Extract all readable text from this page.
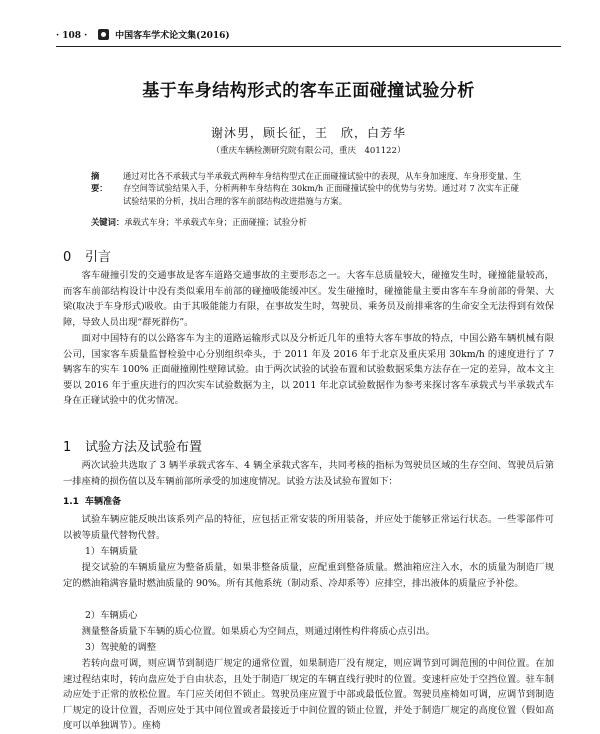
· 108 ·	中国客车学术论文集(2016)
基于车身结构形式的客车正面碰撞试验分析
谢沐男，顾长征，王　欣，白芳华
（重庆车辆检测研究院有限公司，重庆　401122）
摘　要：
通过对比各不承载式与半承载式两种车身结构型式在正面碰撞试验中的表现，从车身加速度、车身形变量、生存空间等试验结果入手，分析两种车身结构在 30km/h 正面碰撞试验中的优势与劣势。通过对 7 次实车正碰试验结果的分析，找出合理的客车前部结构改进措施与方案。
关键词：承载式车身；半承载式车身；正面碰撞；试验分析
0 引言
客车碰撞引发的交通事故是客车道路交通事故的主要形态之一。大客车总质量较大，碰撞发生时，碰撞能量较高，而客车前部结构设计中没有类似乘用车前部的碰撞吸能缓冲区。发生碰撞时，碰撞能量主要由客车车身前部的骨架、大梁(取决于车身形式)吸收。由于其吸能能力有限，在事故发生时，驾驶员、乘务员及前排乘客的生命安全无法得到有效保障，导致人员出现“群死群伤”。
面对中国特有的以公路客车为主的道路运输形式以及分析近几年的重特大客车事故的特点，中国公路车辆机械有限公司，国家客车质量监督检验中心分别组织牵头，于 2011 年及 2016 年于北京及重庆采用 30km/h 的速度进行了 7 辆客车的实车 100% 正面碰撞刚性壁障试验。由于两次试验的试验布置和试验数据采集方法存在一定的差异，故本文主要以 2016 年于重庆进行的四次实车试验数据为主，以 2011 年北京试验数据作为参考来探讨客车承载式与半承载式车身在正碰试验中的优劣情况。
1 试验方法及试验布置
两次试验共选取了 3 辆半承载式客车、4 辆全承载式客车，共同考核的指标为驾驶员区域的生存空间、驾驶员后第一排座椅的损伤值以及车辆前部所承受的加速度情况。试验方法及试验布置如下：
1.1 车辆准备
试验车辆应能反映出该系列产品的特征，应包括正常安装的所用装备，并应处于能够正常运行状态。一些零部件可以被等质量代替物代替。
1）车辆质量
提交试验的车辆质量应为整备质量，如果非整备质量，应配重到整备质量。燃油箱应注入水，水的质量为制造厂规定的燃油箱满容量时燃油质量的 90%。所有其他系统（制动系、冷却系等）应排空，排出液体的质量应予补偿。
2）车辆质心
测量整备质量下车辆的质心位置。如果质心为空间点，则通过刚性构件将质心点引出。
3）驾驶舱的调整
若转向盘可调，则应调节到制造厂规定的通常位置，如果制造厂没有规定，则应调节到可调范围的中间位置。在加速过程结束时，转向盘应处于自由状态，且处于制造厂规定的车辆直线行驶时的位置。变速杆应处于空挡位置。驻车制动应处于正常的放松位置。车门应关闭但不锁止。驾驶员座应置于中部或最低位置。驾驶员座椅如可调，应调节到制造厂规定的设计位置，否则应处于其中间位置或者最接近于中间位置的锁止位置，并处于制造厂规定的高度位置（假如高度可以单独调节）。座椅
